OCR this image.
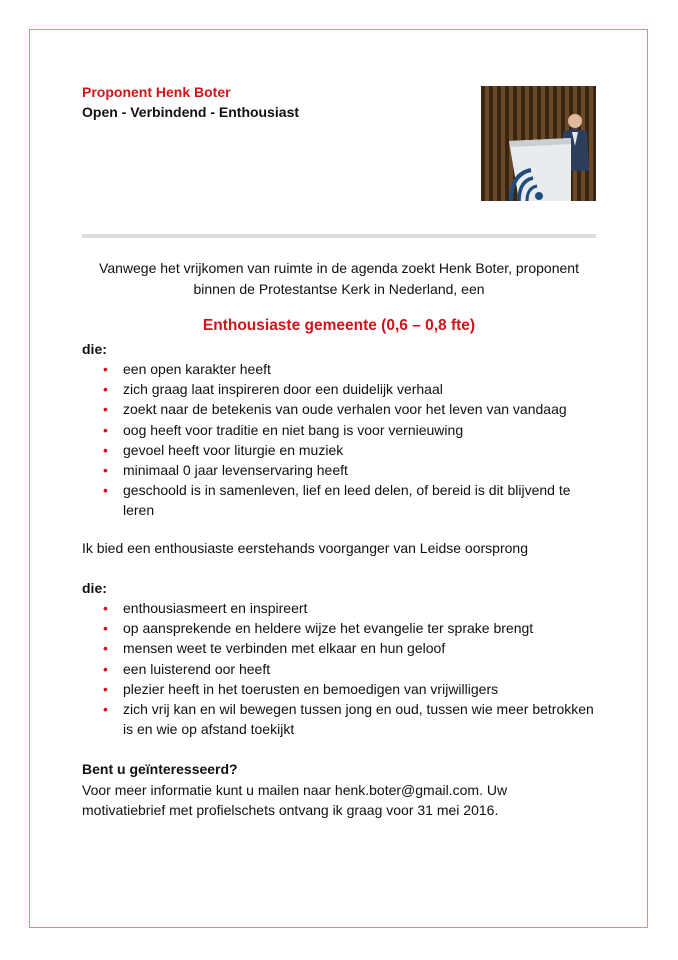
Proponent Henk Boter
Open - Verbindend - Enthousiast
Vanwege het vrijkomen van ruimte in de agenda zoekt Henk Boter, proponent binnen de Protestantse Kerk in Nederland, een
Enthousiaste gemeente (0,6 – 0,8 fte)
die:
• een open karakter heeft
• zich graag laat inspireren door een duidelijk verhaal
• zoekt naar de betekenis van oude verhalen voor het leven van vandaag
• oog heeft voor traditie en niet bang is voor vernieuwing
• gevoel heeft voor liturgie en muziek
• minimaal 0 jaar levenservaring heeft
• geschoold is in samenleven, lief en leed delen, of bereid is dit blijvend te leren
Ik bied een enthousiaste eerstehands voorganger van Leidse oorsprong
die:
• enthousiasmeert en inspireert
• op aansprekende en heldere wijze het evangelie ter sprake brengt
• mensen weet te verbinden met elkaar en hun geloof
• een luisterend oor heeft
• plezier heeft in het toerusten en bemoedigen van vrijwilligers
• zich vrij kan en wil bewegen tussen jong en oud, tussen wie meer betrokken is en wie op afstand toekijkt
Bent u geïnteresseerd?
Voor meer informatie kunt u mailen naar henk.boter@gmail.com. Uw motivatiebrief met profielschets ontvang ik graag voor 31 mei 2016.
